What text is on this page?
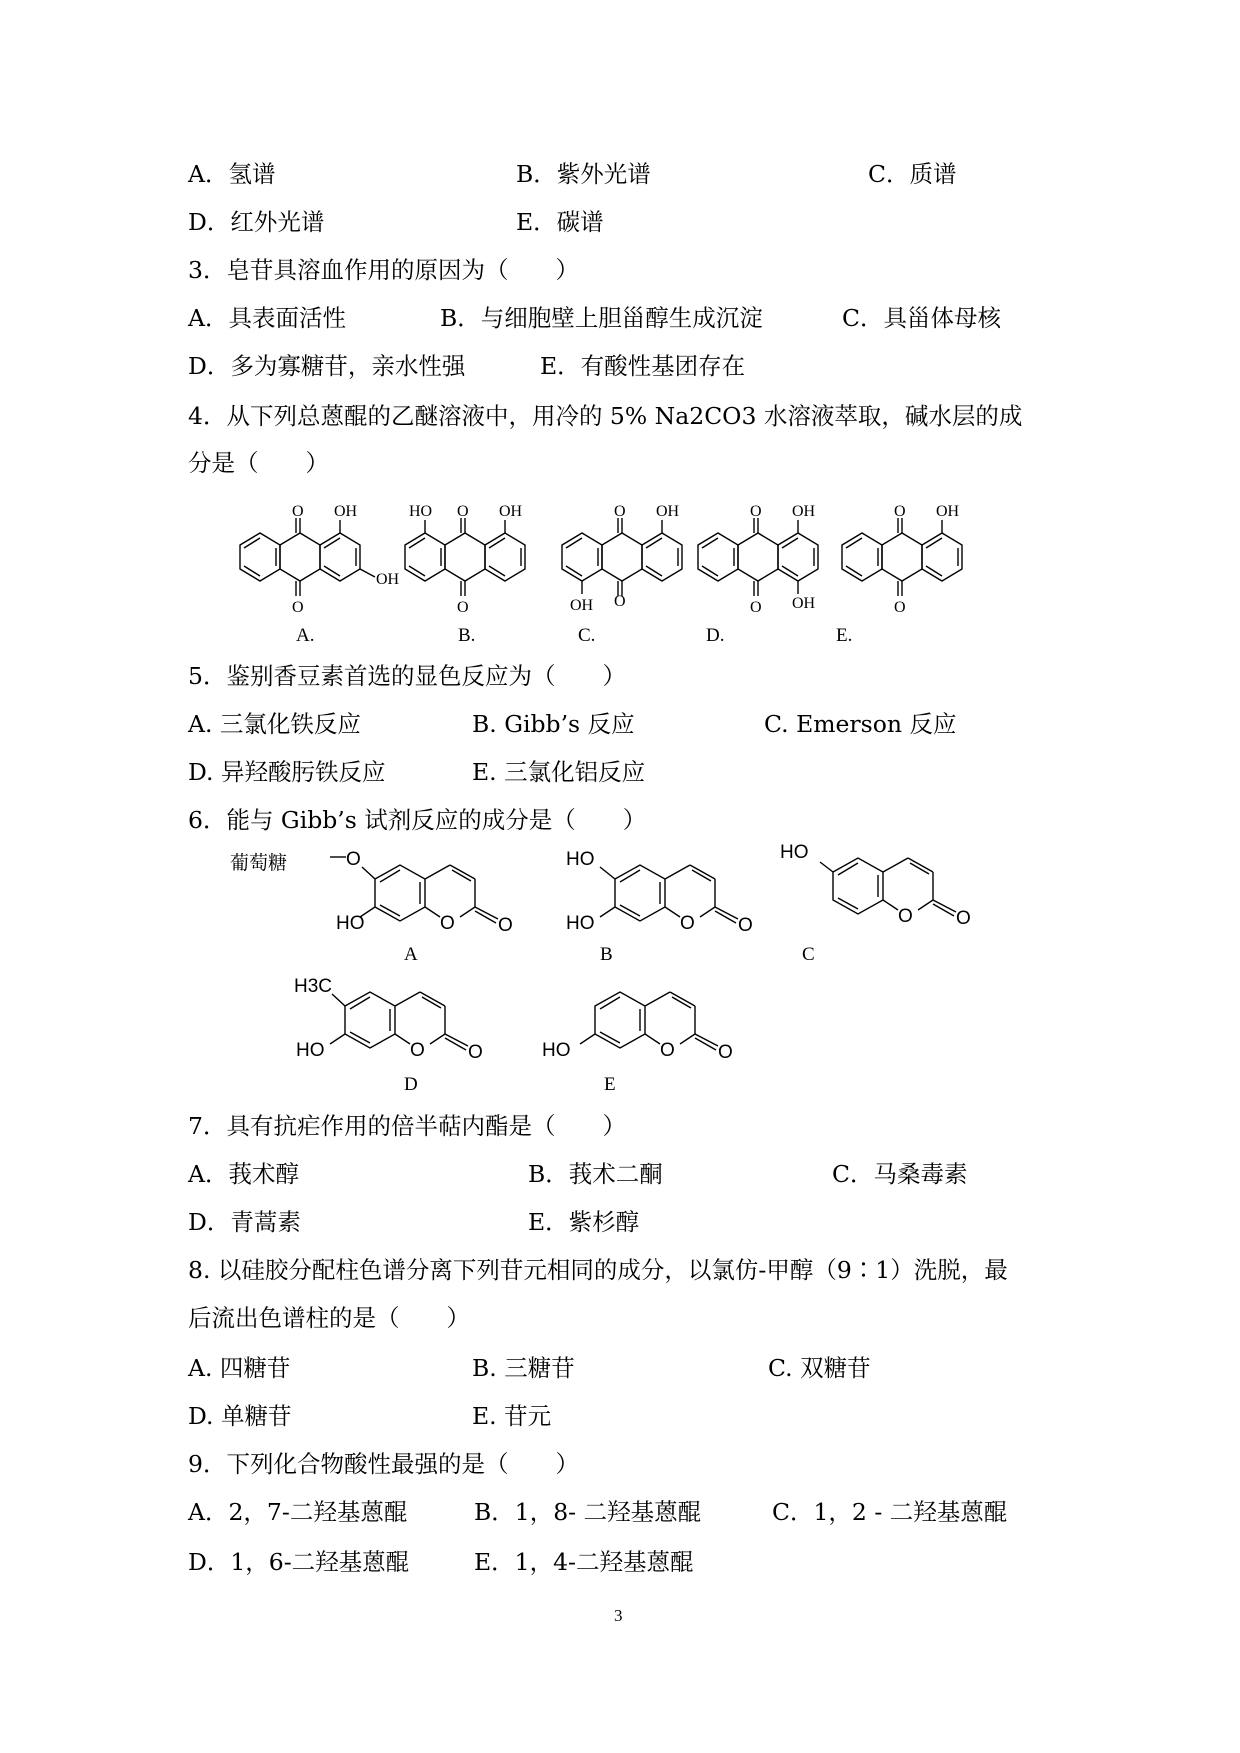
A．氢谱	B．紫外光谱	C．质谱
D．红外光谱	E．碳谱
3．皂苷具溶血作用的原因为（　　）
A．具表面活性	B．与细胞壁上胆甾醇生成沉淀	C．具甾体母核
D．多为寡糖苷，亲水性强	E．有酸性基团存在
4．从下列总蒽醌的乙醚溶液中，用冷的 5% Na2CO3 水溶液萃取，碱水层的成
分是（　　）
O
O
OH
OH
HO O
O
OH	O
O
OH
OH
O
O
OH
OH
O
O
OH
A.	B.	C.	D.	E.
5．鉴别香豆素首选的显色反应为（　　）
A. 三氯化铁反应	B. Gibb’s 反应	C. Emerson 反应
D. 异羟酸肟铁反应	E. 三氯化铝反应
6．能与 Gibb’s 试剂反应的成分是（　　）
O
O O
HO
葡萄糖	HO
O O
HO
HO
O O
A	B	C
H3C
O O
HO	O O
HO
D	E
7．具有抗疟作用的倍半萜内酯是（　　）
A．莪术醇	B．莪术二酮	C．马桑毒素
D．青蒿素	E．紫杉醇
8. 以硅胶分配柱色谱分离下列苷元相同的成分，以氯仿-甲醇（9∶1）洗脱，最
后流出色谱柱的是（　　）
A. 四糖苷	B. 三糖苷	C. 双糖苷
D. 单糖苷	E. 苷元
9．下列化合物酸性最强的是（　　）
A．2，7-二羟基蒽醌	B．1，8- 二羟基蒽醌	C．1，2 - 二羟基蒽醌
D．1，6-二羟基蒽醌	E．1，4-二羟基蒽醌
3
